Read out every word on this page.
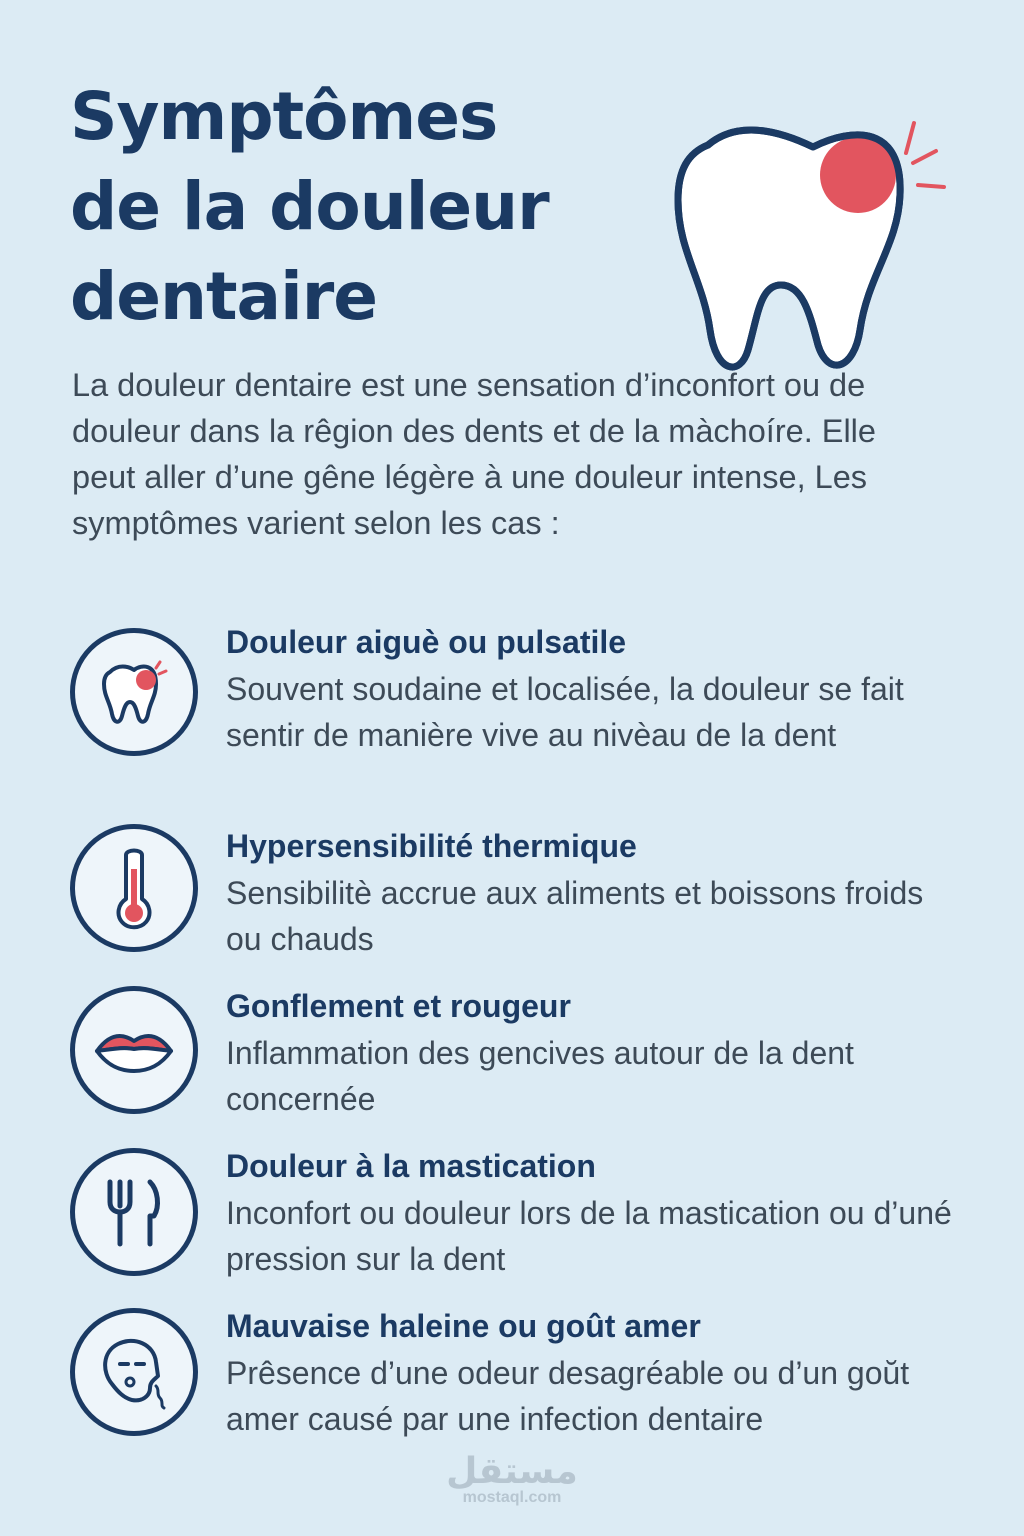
Symptômes
de la douleur
dentaire

La douleur dentaire est une sensation d’inconfort ou de douleur dans la rêgion des dents et de la màchoíre. Elle peut aller d’une gêne légère à une douleur intense, Les symptômes varient selon les cas :

Douleur aiguè ou pulsatile

Souvent soudaine et localisée, la douleur se fait sentir de manière vive au nivèau de la dent

Hypersensibilité thermique

Sensibilitè accrue aux aliments et boissons froids ou chauds

Gonflement et rougeur

Inflammation des gencives autour de la dent concernée

Douleur à la mastication

Inconfort ou douleur lors de la mastication ou d’uné pression sur la dent

Mauvaise haleine ou goût amer

Prêsence d’une odeur desagréable ou d’un goŭt amer causé par une infection dentaire

مستقل
mostaql.com
